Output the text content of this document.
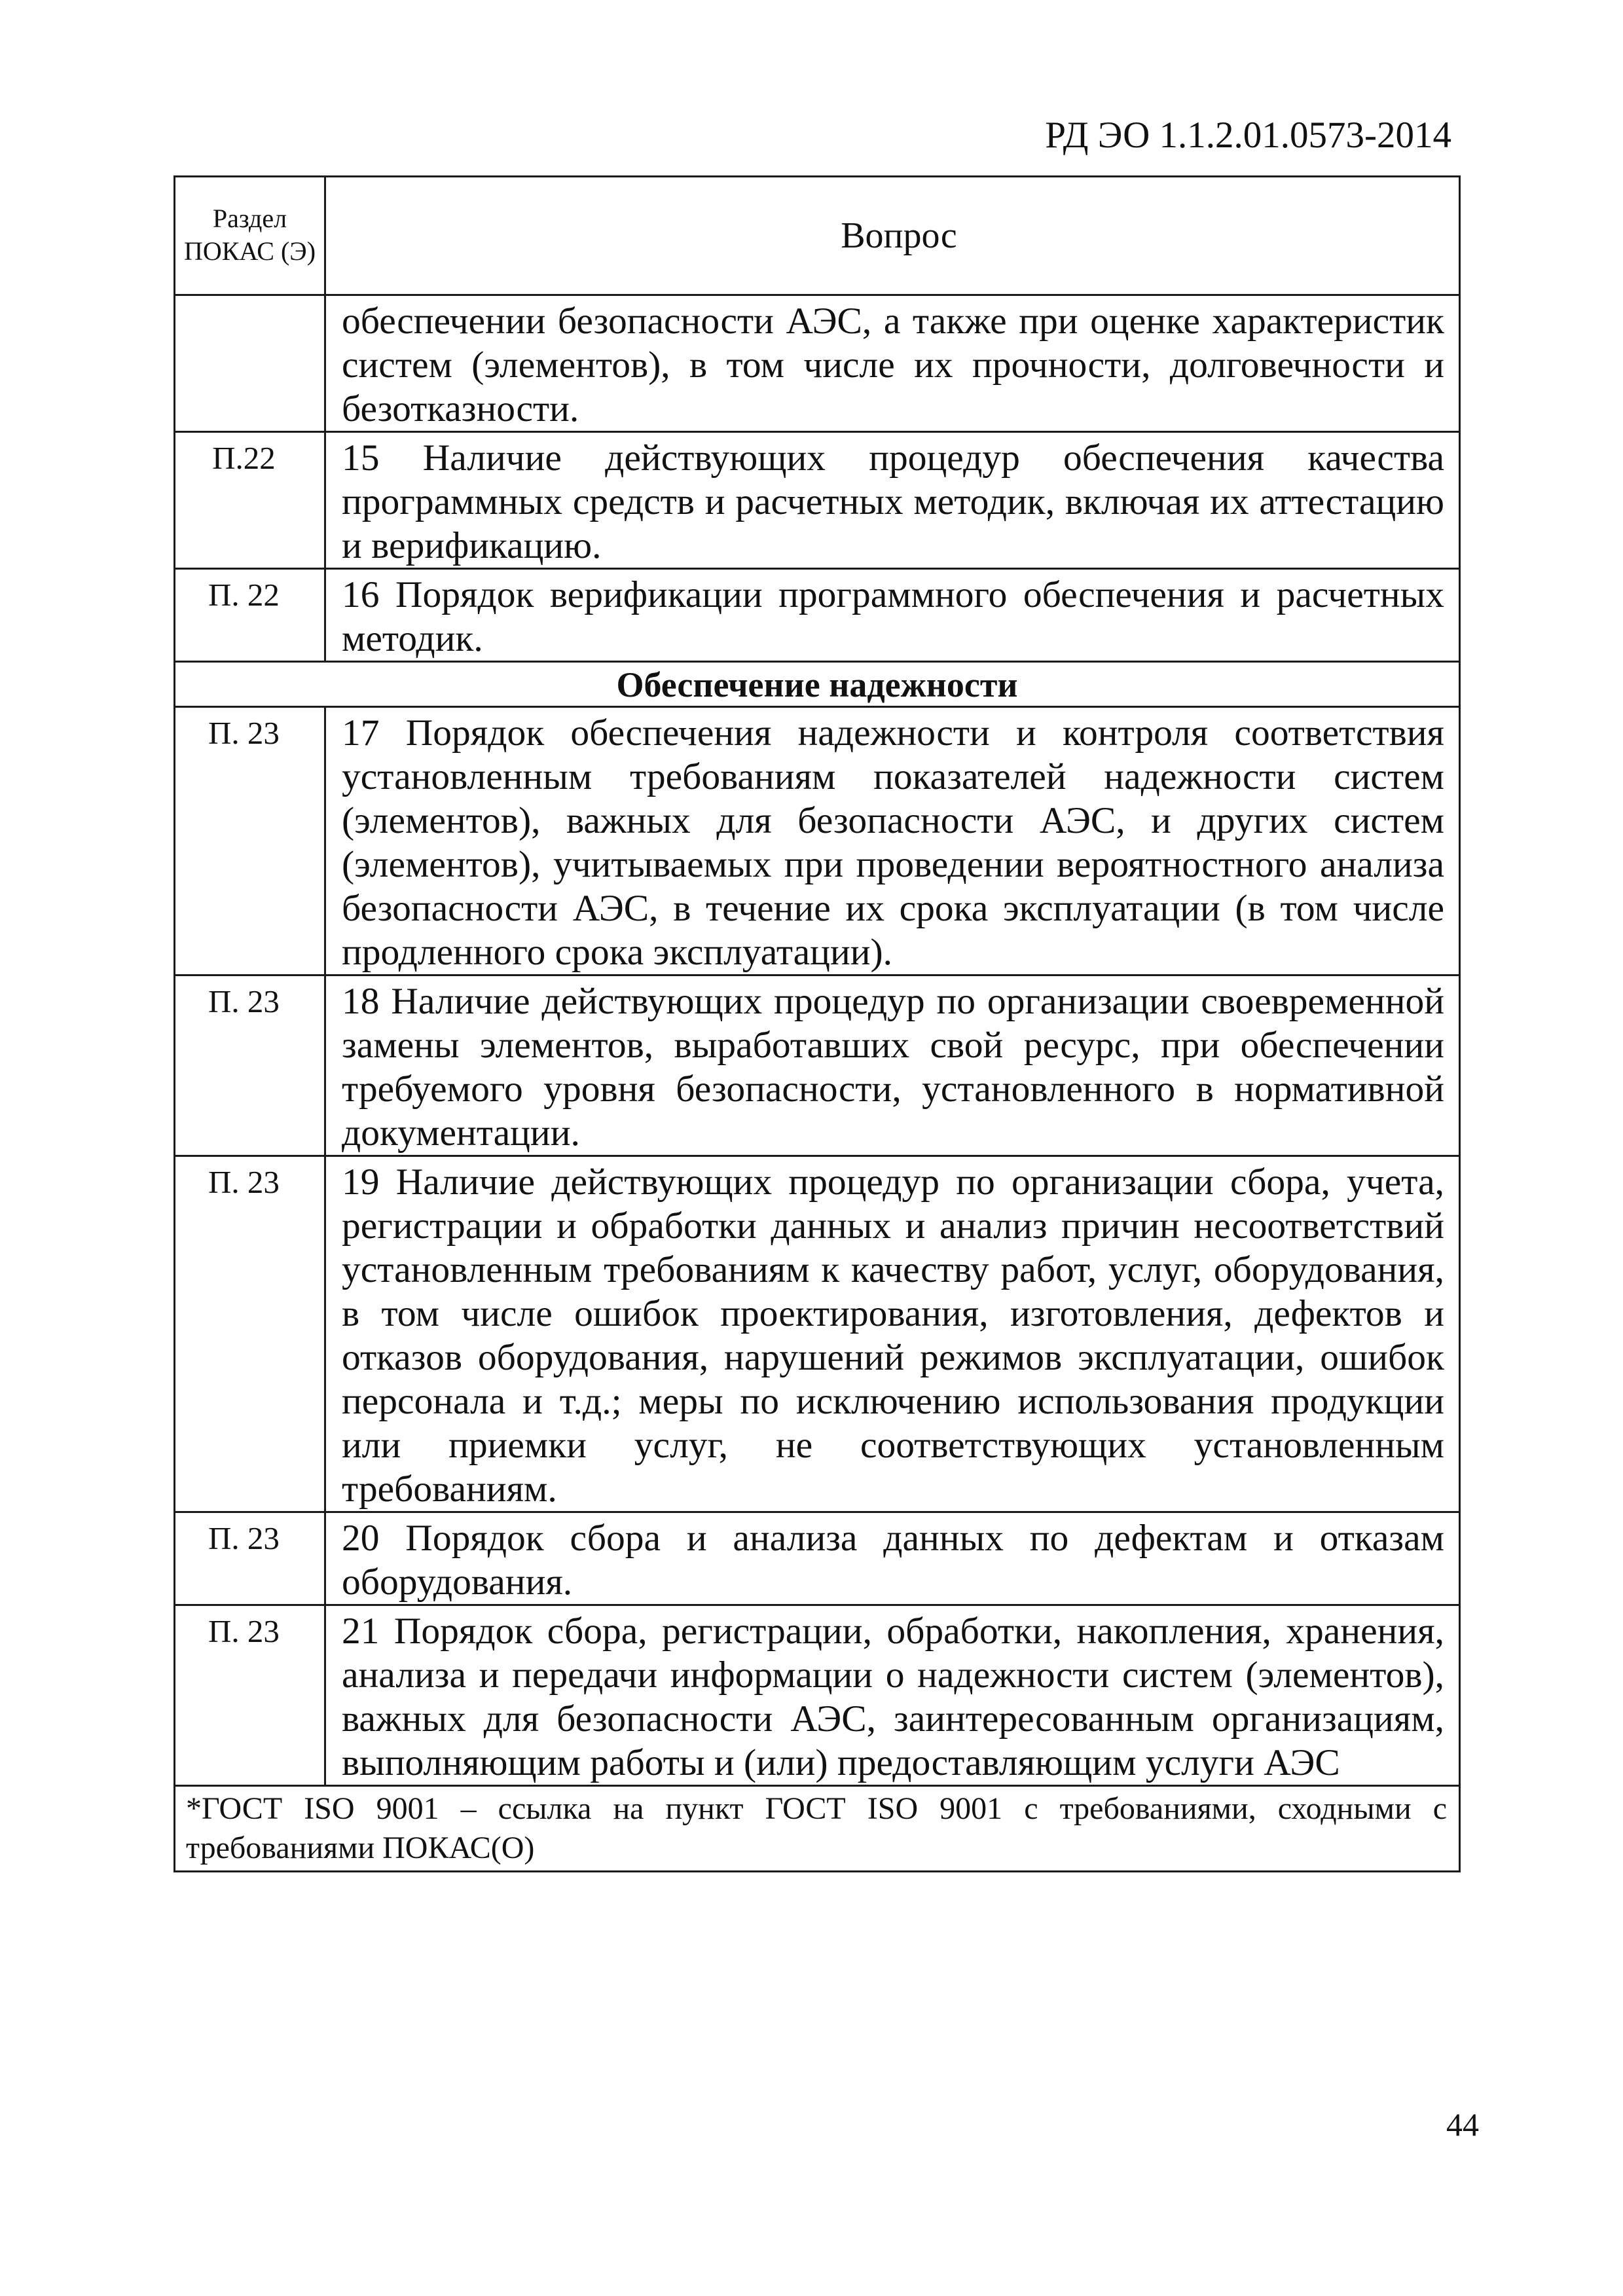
РД ЭО 1.1.2.01.0573-2014
Раздел ПОКАС (Э)	Вопрос
	обеспечении безопасности АЭС, а также при оценке характеристик систем (элементов), в том числе их прочности, долговечности и безотказности.
П.22	15 Наличие действующих процедур обеспечения качества программных средств и расчетных методик, включая их аттестацию и верификацию.
П. 22	16 Порядок верификации программного обеспечения и расчетных методик.
Обеспечение надежности	
П. 23	17 Порядок обеспечения надежности и контроля соответствия установленным требованиям показателей надежности систем (элементов), важных для безопасности АЭС, и других систем (элементов), учитываемых при проведении вероятностного анализа безопасности АЭС, в течение их срока эксплуатации (в том числе продленного срока эксплуатации).
П. 23	18 Наличие действующих процедур по организации своевременной замены элементов, выработавших свой ресурс, при обеспечении требуемого уровня безопасности, установленного в нормативной документации.
П. 23	19 Наличие действующих процедур по организации сбора, учета, регистрации и обработки данных и анализ причин несоответствий установленным требованиям к качеству работ, услуг, оборудования, в том числе ошибок проектирования, изготовления, дефектов и отказов оборудования, нарушений режимов эксплуатации, ошибок персонала и т.д.; меры по исключению использования продукции или приемки услуг, не соответствующих установленным требованиям.
П. 23	20 Порядок сбора и анализа данных по дефектам и отказам оборудования.
П. 23	21 Порядок сбора, регистрации, обработки, накопления, хранения, анализа и передачи информации о надежности систем (элементов), важных для безопасности АЭС, заинтересованным организациям, выполняющим работы и (или) предоставляющим услуги АЭС
*ГОСТ ISO 9001 – ссылка на пункт ГОСТ ISO 9001 с требованиями, сходными с требованиями ПОКАС(О)	
44
